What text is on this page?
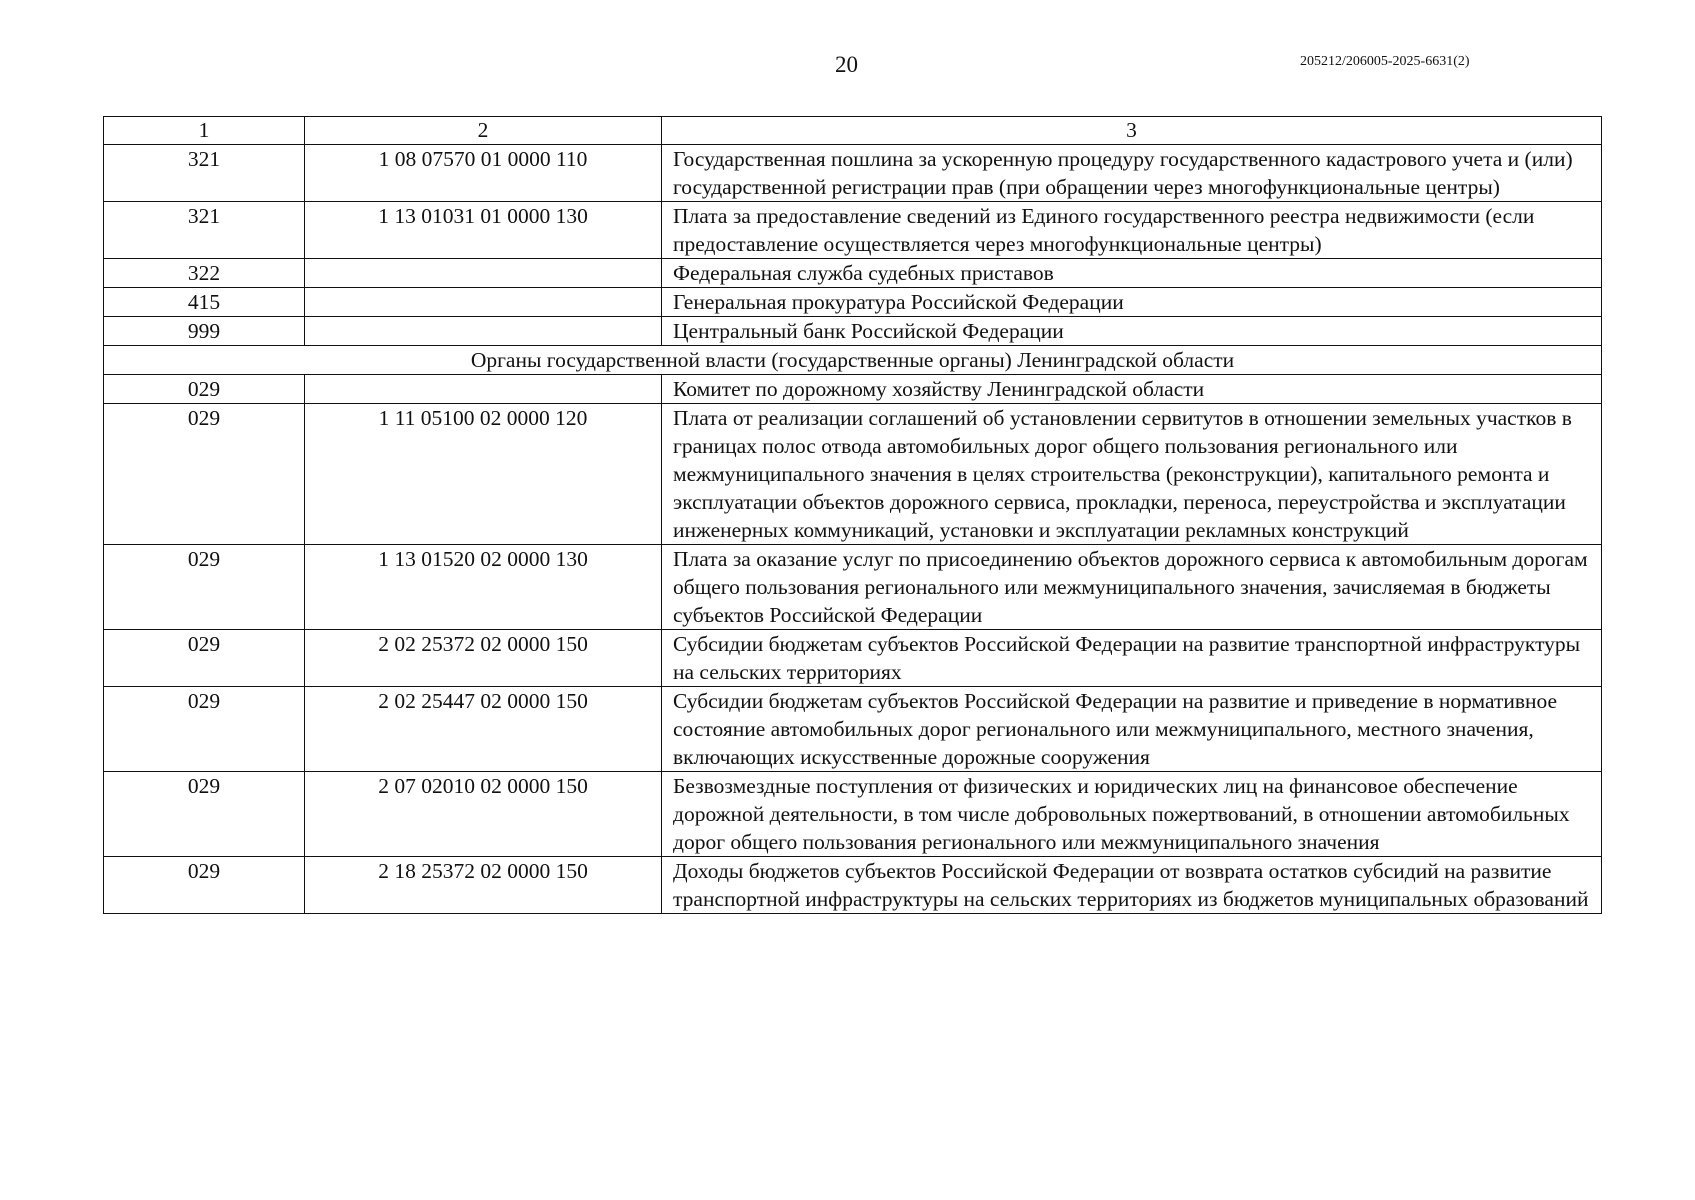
20	205212/206005-2025-6631(2)
1	2	3
321	1 08 07570 01 0000 110	Государственная пошлина за ускоренную процедуру государственного кадастрового учета и (или) государственной регистрации прав (при обращении через многофункциональные центры)
321	1 13 01031 01 0000 130	Плата за предоставление сведений из Единого государственного реестра недвижимости (если предоставление осуществляется через многофункциональные центры)
322		Федеральная служба судебных приставов
415		Генеральная прокуратура Российской Федерации
999		Центральный банк Российской Федерации
Органы государственной власти (государственные органы) Ленинградской области		
029		Комитет по дорожному хозяйству Ленинградской области
029	1 11 05100 02 0000 120	Плата от реализации соглашений об установлении сервитутов в отношении земельных участков в границах полос отвода автомобильных дорог общего пользования регионального или межмуниципального значения в целях строительства (реконструкции), капитального ремонта и эксплуатации объектов дорожного сервиса, прокладки, переноса, переустройства и эксплуатации инженерных коммуникаций, установки и эксплуатации рекламных конструкций
029	1 13 01520 02 0000 130	Плата за оказание услуг по присоединению объектов дорожного сервиса к автомобильным дорогам общего пользования регионального или межмуниципального значения, зачисляемая в бюджеты субъектов Российской Федерации
029	2 02 25372 02 0000 150	Субсидии бюджетам субъектов Российской Федерации на развитие транспортной инфраструктуры на сельских территориях
029	2 02 25447 02 0000 150	Субсидии бюджетам субъектов Российской Федерации на развитие и приведение в нормативное состояние автомобильных дорог регионального или межмуниципального, местного значения, включающих искусственные дорожные сооружения
029	2 07 02010 02 0000 150	Безвозмездные поступления от физических и юридических лиц на финансовое обеспечение дорожной деятельности, в том числе добровольных пожертвований, в отношении автомобильных дорог общего пользования регионального или межмуниципального значения
029	2 18 25372 02 0000 150	Доходы бюджетов субъектов Российской Федерации от возврата остатков субсидий на развитие транспортной инфраструктуры на сельских территориях из бюджетов муниципальных образований
